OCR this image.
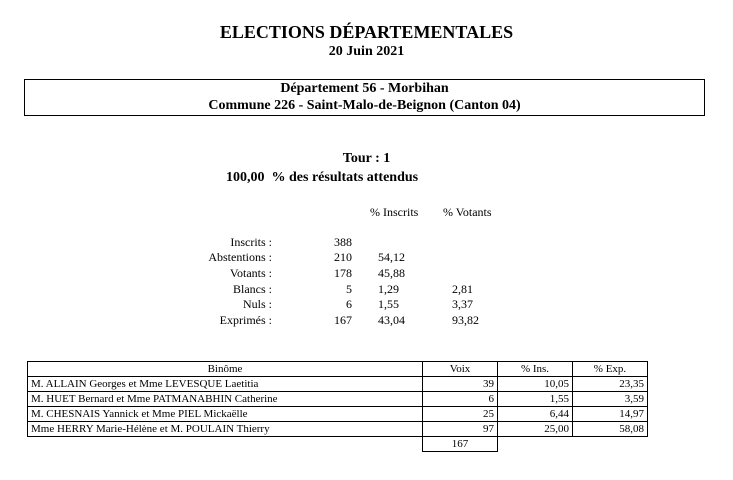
ELECTIONS DÉPARTEMENTALES
20 Juin 2021
Département 56 - Morbihan
Commune 226 - Saint-Malo-de-Beignon (Canton 04)
Tour : 1
100,00  % des résultats attendus
% Inscrits % Votants
Inscrits :	388
Abstentions :	210 54,12
Votants :	178 45,88
Blancs :	5 1,29	2,81
Nuls :	6 1,55	3,37
Exprimés :	167 43,04	93,82
Binôme	Voix	% Ins.	% Exp.
M. ALLAIN Georges et Mme LEVESQUE Laetitia	39	10,05	23,35
M. HUET Bernard et Mme PATMANABHIN Catherine	6	1,55	3,59
M. CHESNAIS Yannick et Mme PIEL Mickaëlle	25	6,44	14,97
Mme HERRY Marie-Hélène et M. POULAIN Thierry	97	25,00	58,08
	167		
